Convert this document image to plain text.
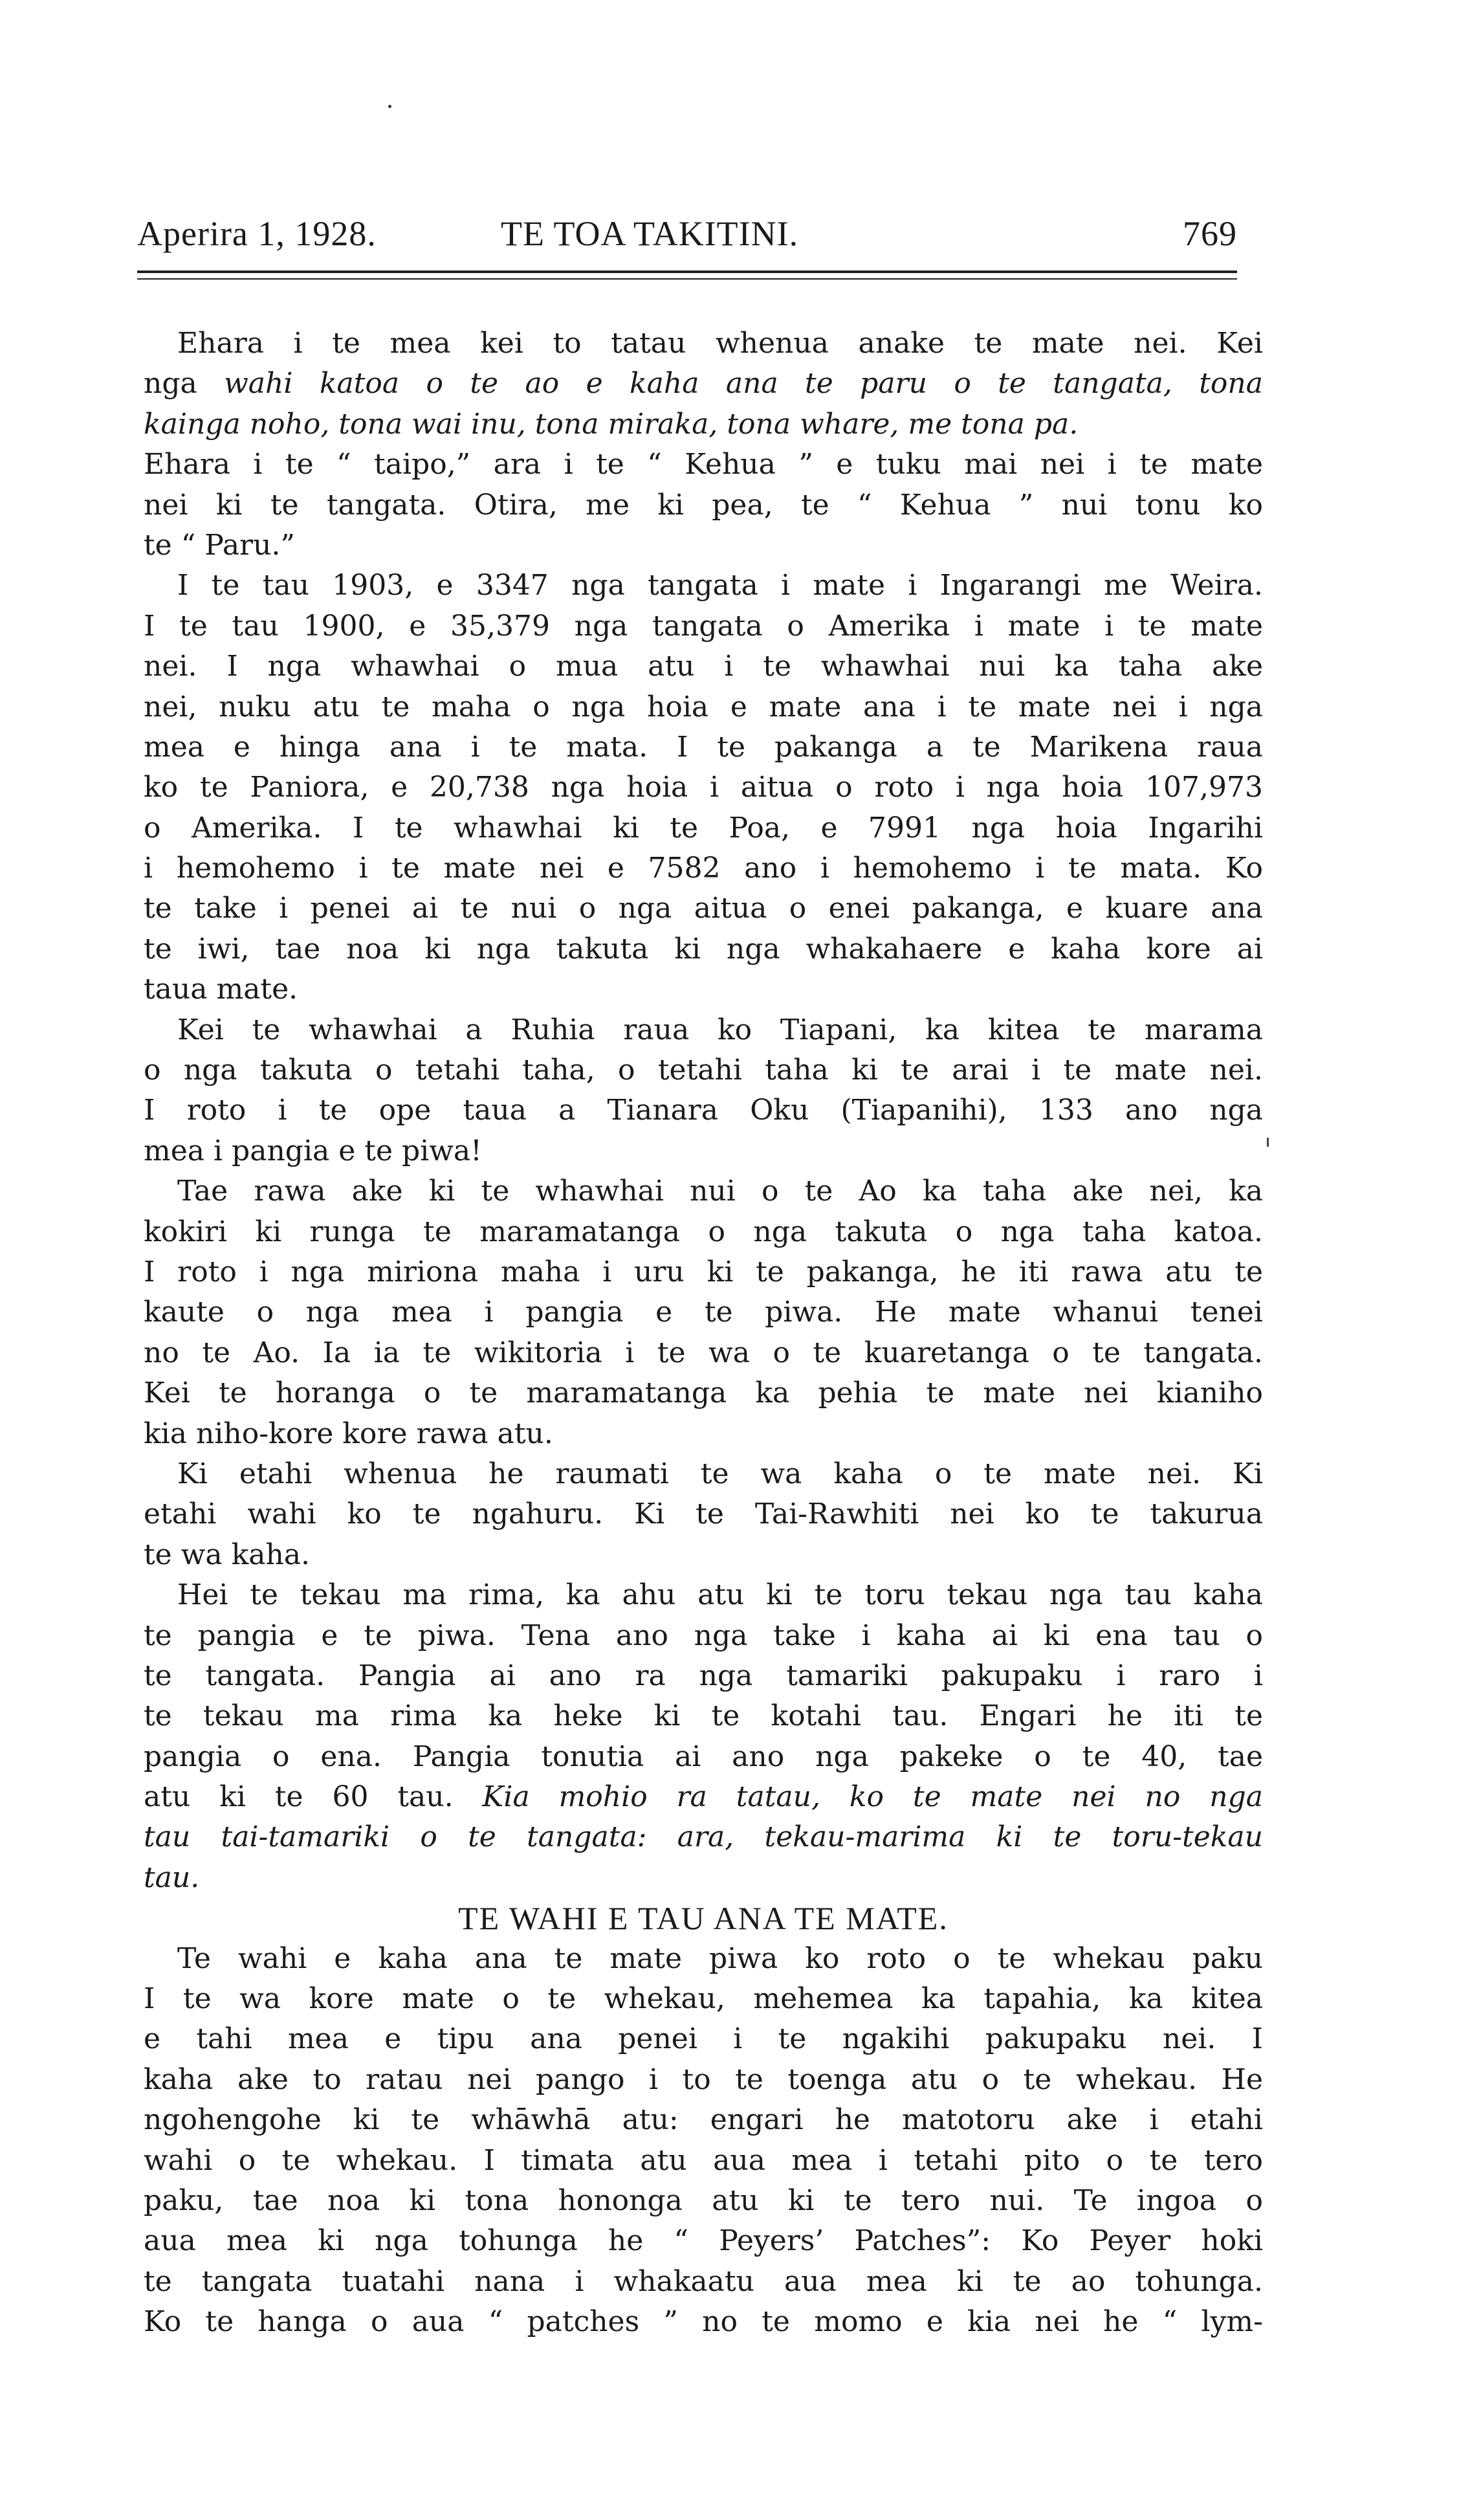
Aperira 1, 1928.	TE TOA TAKITINI.	769
Ehara i te mea kei to tatau whenua anake te mate nei. Kei
nga wahi katoa o te ao e kaha ana te paru o te tangata, tona
kainga noho, tona wai inu, tona miraka, tona whare, me tona pa.
Ehara i te “ taipo,” ara i te “ Kehua ” e tuku mai nei i te mate
nei ki te tangata. Otira, me ki pea, te “ Kehua ” nui tonu ko
te “ Paru.”
I te tau 1903, e 3347 nga tangata i mate i Ingarangi me Weira.
I te tau 1900, e 35,379 nga tangata o Amerika i mate i te mate
nei. I nga whawhai o mua atu i te whawhai nui ka taha ake
nei, nuku atu te maha o nga hoia e mate ana i te mate nei i nga
mea e hinga ana i te mata. I te pakanga a te Marikena raua
ko te Paniora, e 20,738 nga hoia i aitua o roto i nga hoia 107,973
o Amerika. I te whawhai ki te Poa, e 7991 nga hoia Ingarihi
i hemohemo i te mate nei e 7582 ano i hemohemo i te mata. Ko
te take i penei ai te nui o nga aitua o enei pakanga, e kuare ana
te iwi, tae noa ki nga takuta ki nga whakahaere e kaha kore ai
taua mate.
Kei te whawhai a Ruhia raua ko Tiapani, ka kitea te marama
o nga takuta o tetahi taha, o tetahi taha ki te arai i te mate nei.
I roto i te ope taua a Tianara Oku (Tiapanihi), 133 ano nga
mea i pangia e te piwa!
Tae rawa ake ki te whawhai nui o te Ao ka taha ake nei, ka
kokiri ki runga te maramatanga o nga takuta o nga taha katoa.
I roto i nga miriona maha i uru ki te pakanga, he iti rawa atu te
kaute o nga mea i pangia e te piwa. He mate whanui tenei
no te Ao. Ia ia te wikitoria i te wa o te kuaretanga o te tangata.
Kei te horanga o te maramatanga ka pehia te mate nei kianiho
kia niho-kore kore rawa atu.
Ki etahi whenua he raumati te wa kaha o te mate nei. Ki
etahi wahi ko te ngahuru. Ki te Tai-Rawhiti nei ko te takurua
te wa kaha.
Hei te tekau ma rima, ka ahu atu ki te toru tekau nga tau kaha
te pangia e te piwa. Tena ano nga take i kaha ai ki ena tau o
te tangata. Pangia ai ano ra nga tamariki pakupaku i raro i
te tekau ma rima ka heke ki te kotahi tau. Engari he iti te
pangia o ena. Pangia tonutia ai ano nga pakeke o te 40, tae
atu ki te 60 tau. Kia mohio ra tatau, ko te mate nei no nga
tau tai-tamariki o te tangata: ara, tekau-marima ki te toru-tekau
tau.
TE WAHI E TAU ANA TE MATE.
Te wahi e kaha ana te mate piwa ko roto o te whekau paku
I te wa kore mate o te whekau, mehemea ka tapahia, ka kitea
e tahi mea e tipu ana penei i te ngakihi pakupaku nei. I
kaha ake to ratau nei pango i to te toenga atu o te whekau. He
ngohengohe ki te whāwhā atu: engari he matotoru ake i etahi
wahi o te whekau. I timata atu aua mea i tetahi pito o te tero
paku, tae noa ki tona hononga atu ki te tero nui. Te ingoa o
aua mea ki nga tohunga he “ Peyers’ Patches”: Ko Peyer hoki
te tangata tuatahi nana i whakaatu aua mea ki te ao tohunga.
Ko te hanga o aua “ patches ” no te momo e kia nei he “ lym-
